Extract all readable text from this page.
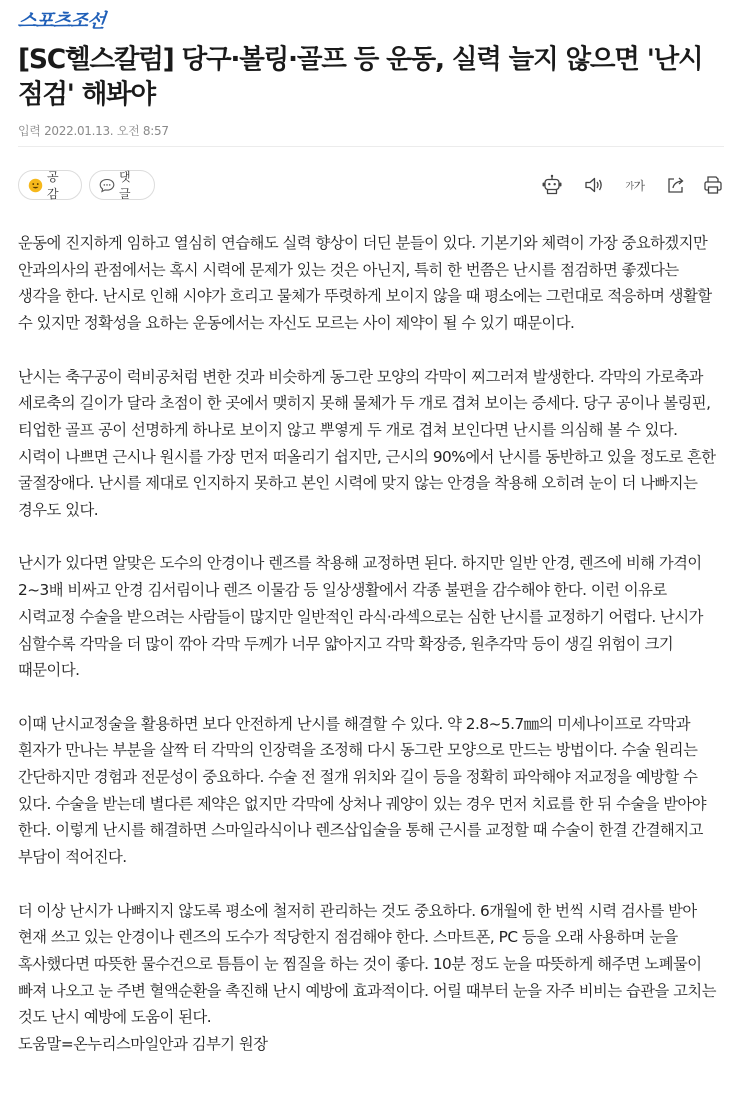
스포츠조선
[SC헬스칼럼] 당구·볼링·골프 등 운동, 실력 늘지 않으면 '난시 점검' 해봐야
입력 2022.01.13. 오전 8:57
공감
댓글
가 가

운동에 진지하게 임하고 열심히 연습해도 실력 향상이 더딘 분들이 있다. 기본기와 체력이 가장 중요하겠지만 안과의사의 관점에서는 혹시 시력에 문제가 있는 것은 아닌지, 특히 한 번쯤은 난시를 점검하면 좋겠다는 생각을 한다. 난시로 인해 시야가 흐리고 물체가 뚜렷하게 보이지 않을 때 평소에는 그런대로 적응하며 생활할 수 있지만 정확성을 요하는 운동에서는 자신도 모르는 사이 제약이 될 수 있기 때문이다.

난시는 축구공이 럭비공처럼 변한 것과 비슷하게 동그란 모양의 각막이 찌그러져 발생한다. 각막의 가로축과 세로축의 길이가 달라 초점이 한 곳에서 맺히지 못해 물체가 두 개로 겹쳐 보이는 증세다. 당구 공이나 볼링핀, 티업한 골프 공이 선명하게 하나로 보이지 않고 뿌옇게 두 개로 겹쳐 보인다면 난시를 의심해 볼 수 있다. 시력이 나쁘면 근시나 원시를 가장 먼저 떠올리기 쉽지만, 근시의 90%에서 난시를 동반하고 있을 정도로 흔한 굴절장애다. 난시를 제대로 인지하지 못하고 본인 시력에 맞지 않는 안경을 착용해 오히려 눈이 더 나빠지는 경우도 있다.

난시가 있다면 알맞은 도수의 안경이나 렌즈를 착용해 교정하면 된다. 하지만 일반 안경, 렌즈에 비해 가격이 2~3배 비싸고 안경 김서림이나 렌즈 이물감 등 일상생활에서 각종 불편을 감수해야 한다. 이런 이유로 시력교정 수술을 받으려는 사람들이 많지만 일반적인 라식·라섹으로는 심한 난시를 교정하기 어렵다. 난시가 심할수록 각막을 더 많이 깎아 각막 두께가 너무 얇아지고 각막 확장증, 원추각막 등이 생길 위험이 크기 때문이다.

이때 난시교정술을 활용하면 보다 안전하게 난시를 해결할 수 있다. 약 2.8~5.7㎜의 미세나이프로 각막과 흰자가 만나는 부분을 살짝 터 각막의 인장력을 조정해 다시 동그란 모양으로 만드는 방법이다. 수술 원리는 간단하지만 경험과 전문성이 중요하다. 수술 전 절개 위치와 길이 등을 정확히 파악해야 저교정을 예방할 수 있다. 수술을 받는데 별다른 제약은 없지만 각막에 상처나 궤양이 있는 경우 먼저 치료를 한 뒤 수술을 받아야 한다. 이렇게 난시를 해결하면 스마일라식이나 렌즈삽입술을 통해 근시를 교정할 때 수술이 한결 간결해지고 부담이 적어진다.

더 이상 난시가 나빠지지 않도록 평소에 철저히 관리하는 것도 중요하다. 6개월에 한 번씩 시력 검사를 받아 현재 쓰고 있는 안경이나 렌즈의 도수가 적당한지 점검해야 한다. 스마트폰, PC 등을 오래 사용하며 눈을 혹사했다면 따뜻한 물수건으로 틈틈이 눈 찜질을 하는 것이 좋다. 10분 정도 눈을 따뜻하게 해주면 노폐물이 빠져 나오고 눈 주변 혈액순환을 촉진해 난시 예방에 효과적이다. 어릴 때부터 눈을 자주 비비는 습관을 고치는 것도 난시 예방에 도움이 된다.

도움말=온누리스마일안과 김부기 원장
